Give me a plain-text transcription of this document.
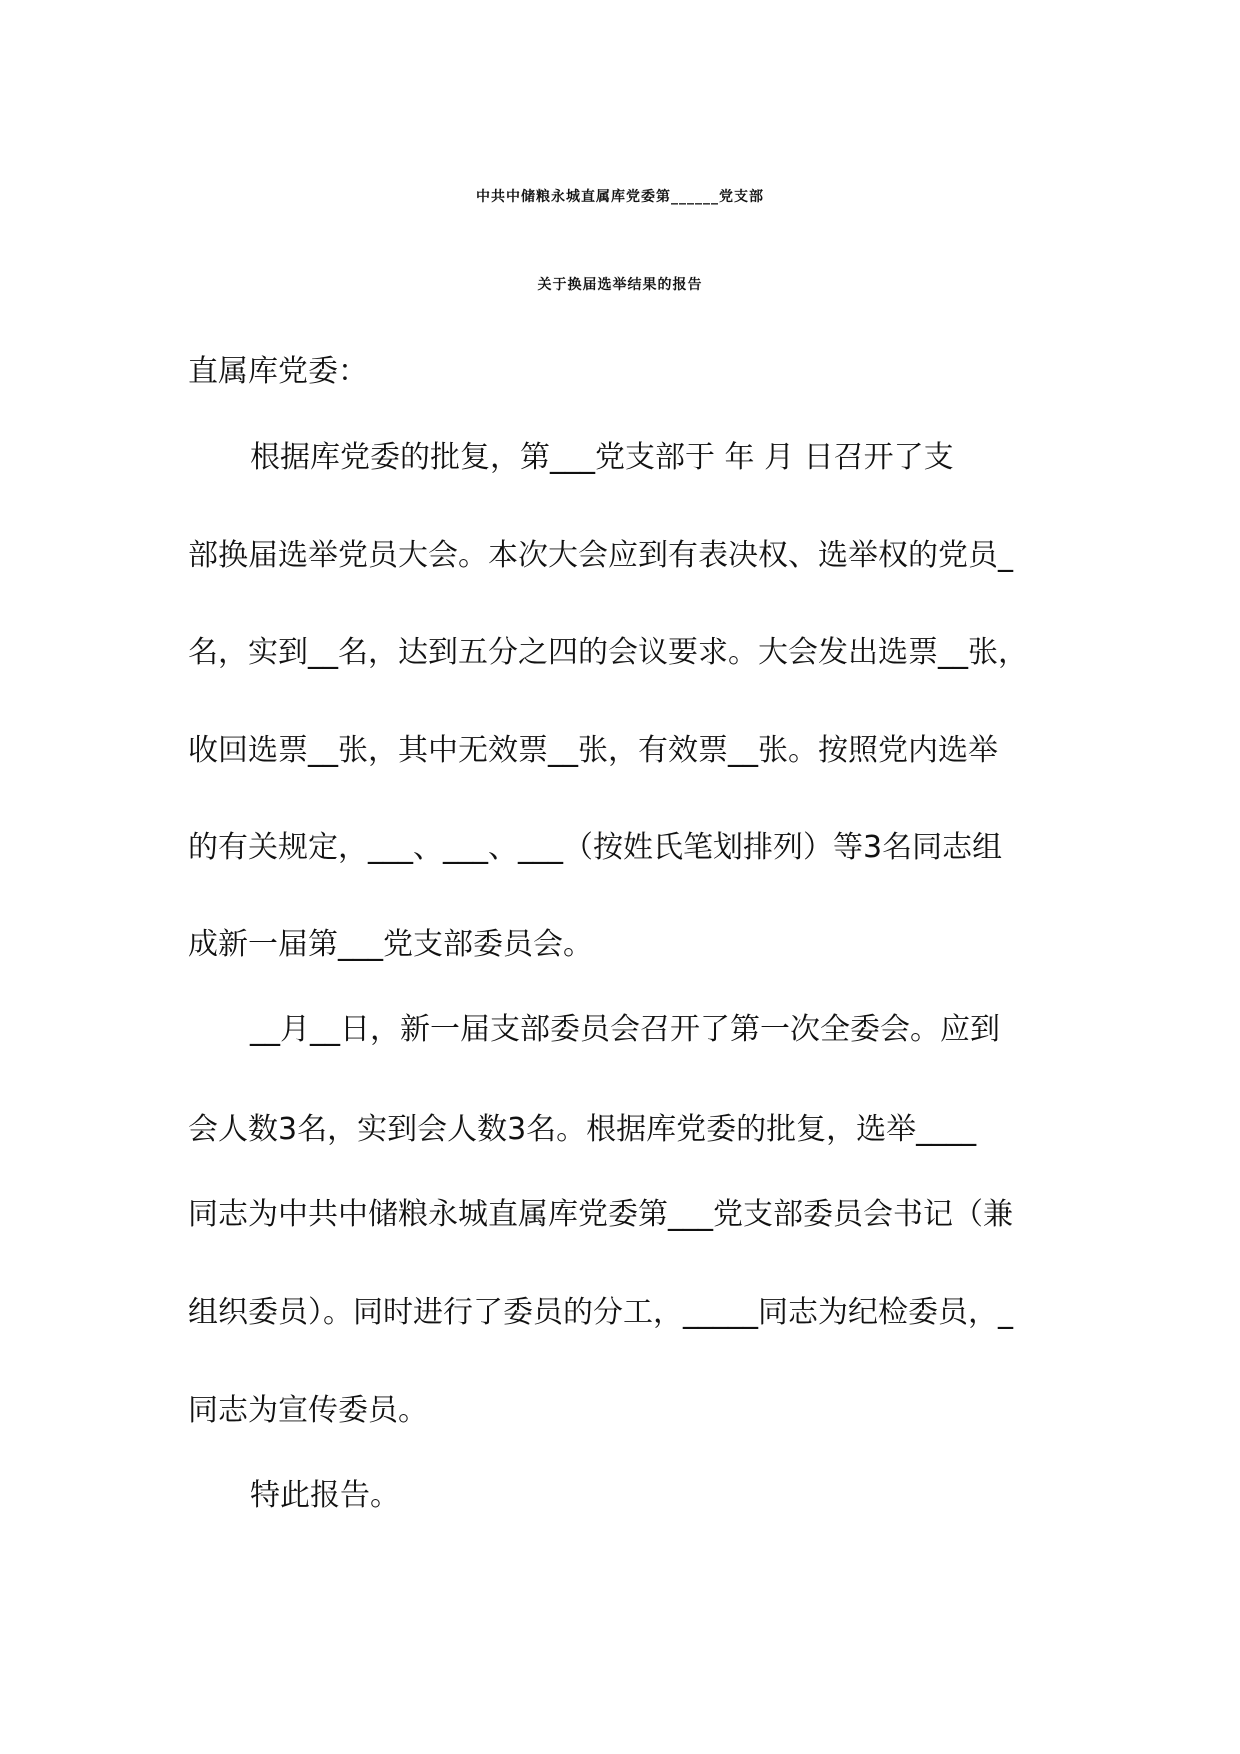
中共中储粮永城直属库党委第______党支部
关于换届选举结果的报告
直属库党委：
根据库党委的批复，第___党支部于 年 月 日召开了支
部换届选举党员大会。本次大会应到有表决权、选举权的党员_
名，实到__名，达到五分之四的会议要求。大会发出选票__张，
收回选票__张，其中无效票__张，有效票__张。按照党内选举
的有关规定，___、___、___（按姓氏笔划排列）等3名同志组
成新一届第___党支部委员会。
__月__日，新一届支部委员会召开了第一次全委会。应到
会人数3名，实到会人数3名。根据库党委的批复，选举____
同志为中共中储粮永城直属库党委第___党支部委员会书记（兼
组织委员）。同时进行了委员的分工，_____同志为纪检委员，_
同志为宣传委员。
特此报告。
